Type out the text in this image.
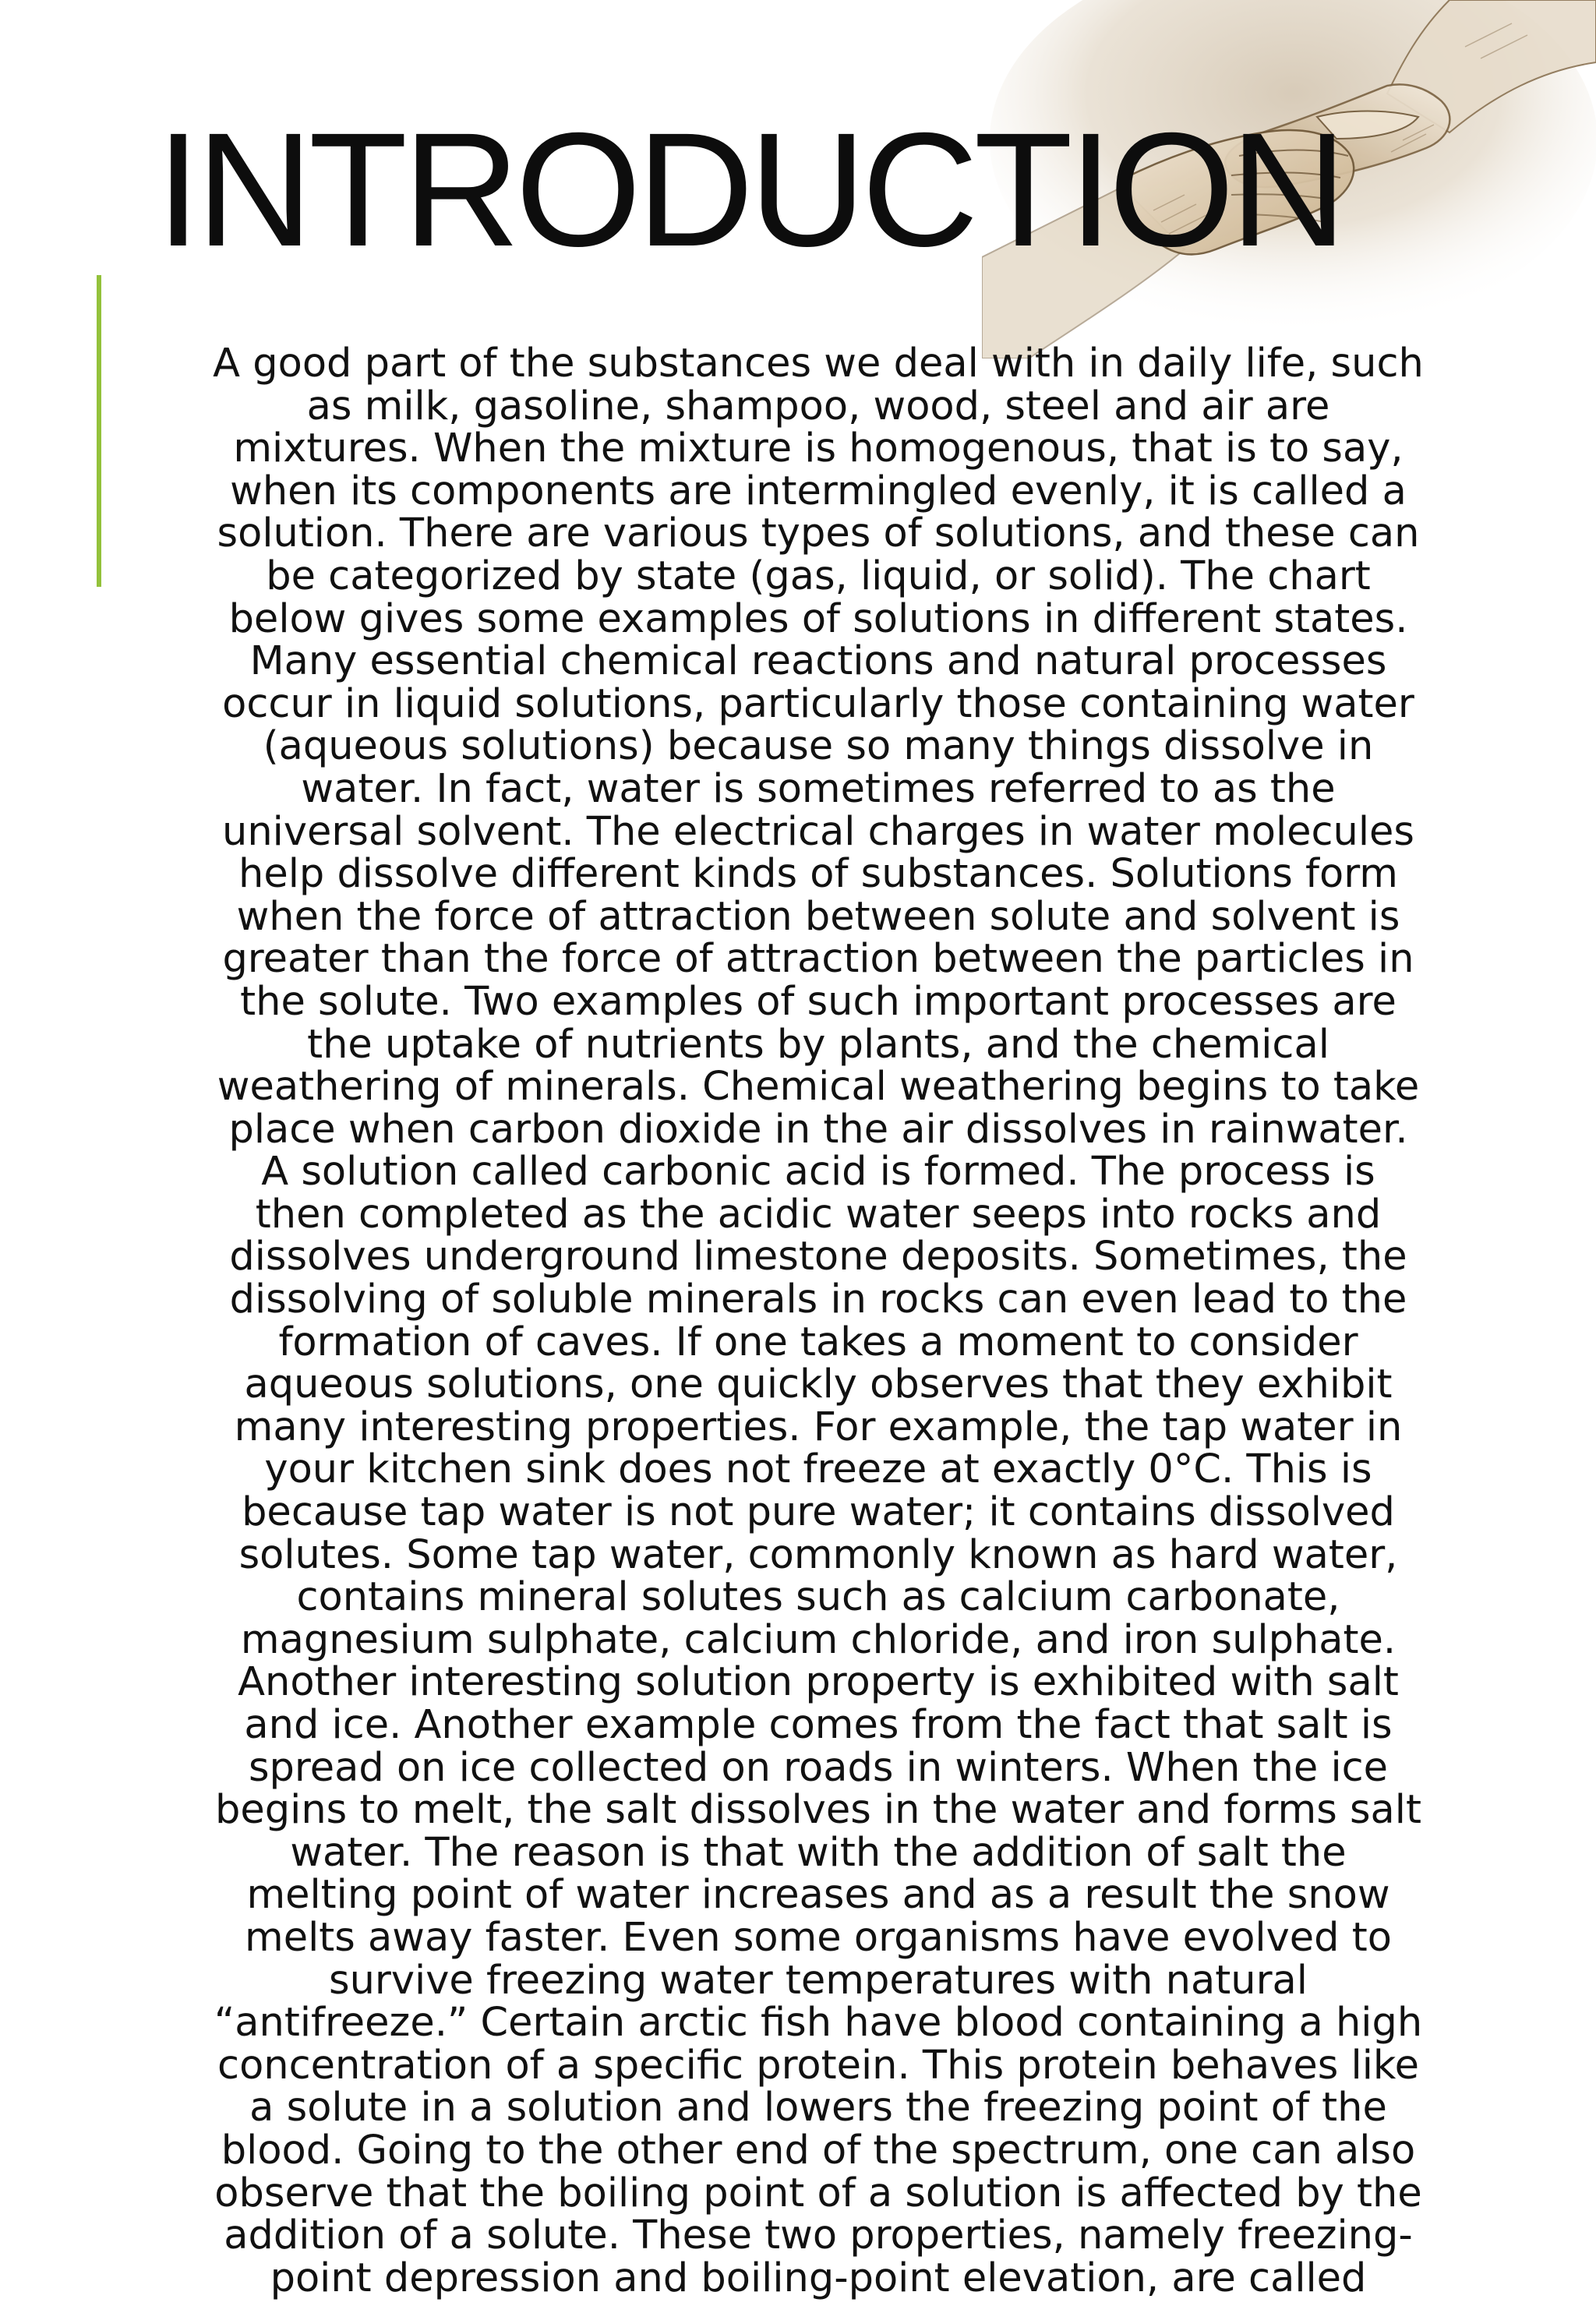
INTRODUCTION
A good part of the substances we deal with in daily life, such
as milk, gasoline, shampoo, wood, steel and air are
mixtures. When the mixture is homogenous, that is to say,
when its components are intermingled evenly, it is called a
solution. There are various types of solutions, and these can
be categorized by state (gas, liquid, or solid). The chart
below gives some examples of solutions in different states.
Many essential chemical reactions and natural processes
occur in liquid solutions, particularly those containing water
(aqueous solutions) because so many things dissolve in
water. In fact, water is sometimes referred to as the
universal solvent. The electrical charges in water molecules
help dissolve different kinds of substances. Solutions form
when the force of attraction between solute and solvent is
greater than the force of attraction between the particles in
the solute. Two examples of such important processes are
the uptake of nutrients by plants, and the chemical
weathering of minerals. Chemical weathering begins to take
place when carbon dioxide in the air dissolves in rainwater.
A solution called carbonic acid is formed. The process is
then completed as the acidic water seeps into rocks and
dissolves underground limestone deposits. Sometimes, the
dissolving of soluble minerals in rocks can even lead to the
formation of caves. If one takes a moment to consider
aqueous solutions, one quickly observes that they exhibit
many interesting properties. For example, the tap water in
your kitchen sink does not freeze at exactly 0°C. This is
because tap water is not pure water; it contains dissolved
solutes. Some tap water, commonly known as hard water,
contains mineral solutes such as calcium carbonate,
magnesium sulphate, calcium chloride, and iron sulphate.
Another interesting solution property is exhibited with salt
and ice. Another example comes from the fact that salt is
spread on ice collected on roads in winters. When the ice
begins to melt, the salt dissolves in the water and forms salt
water. The reason is that with the addition of salt the
melting point of water increases and as a result the snow
melts away faster. Even some organisms have evolved to
survive freezing water temperatures with natural
“antifreeze.” Certain arctic fish have blood containing a high
concentration of a specific protein. This protein behaves like
a solute in a solution and lowers the freezing point of the
blood. Going to the other end of the spectrum, one can also
observe that the boiling point of a solution is affected by the
addition of a solute. These two properties, namely freezing-
point depression and boiling-point elevation, are called
